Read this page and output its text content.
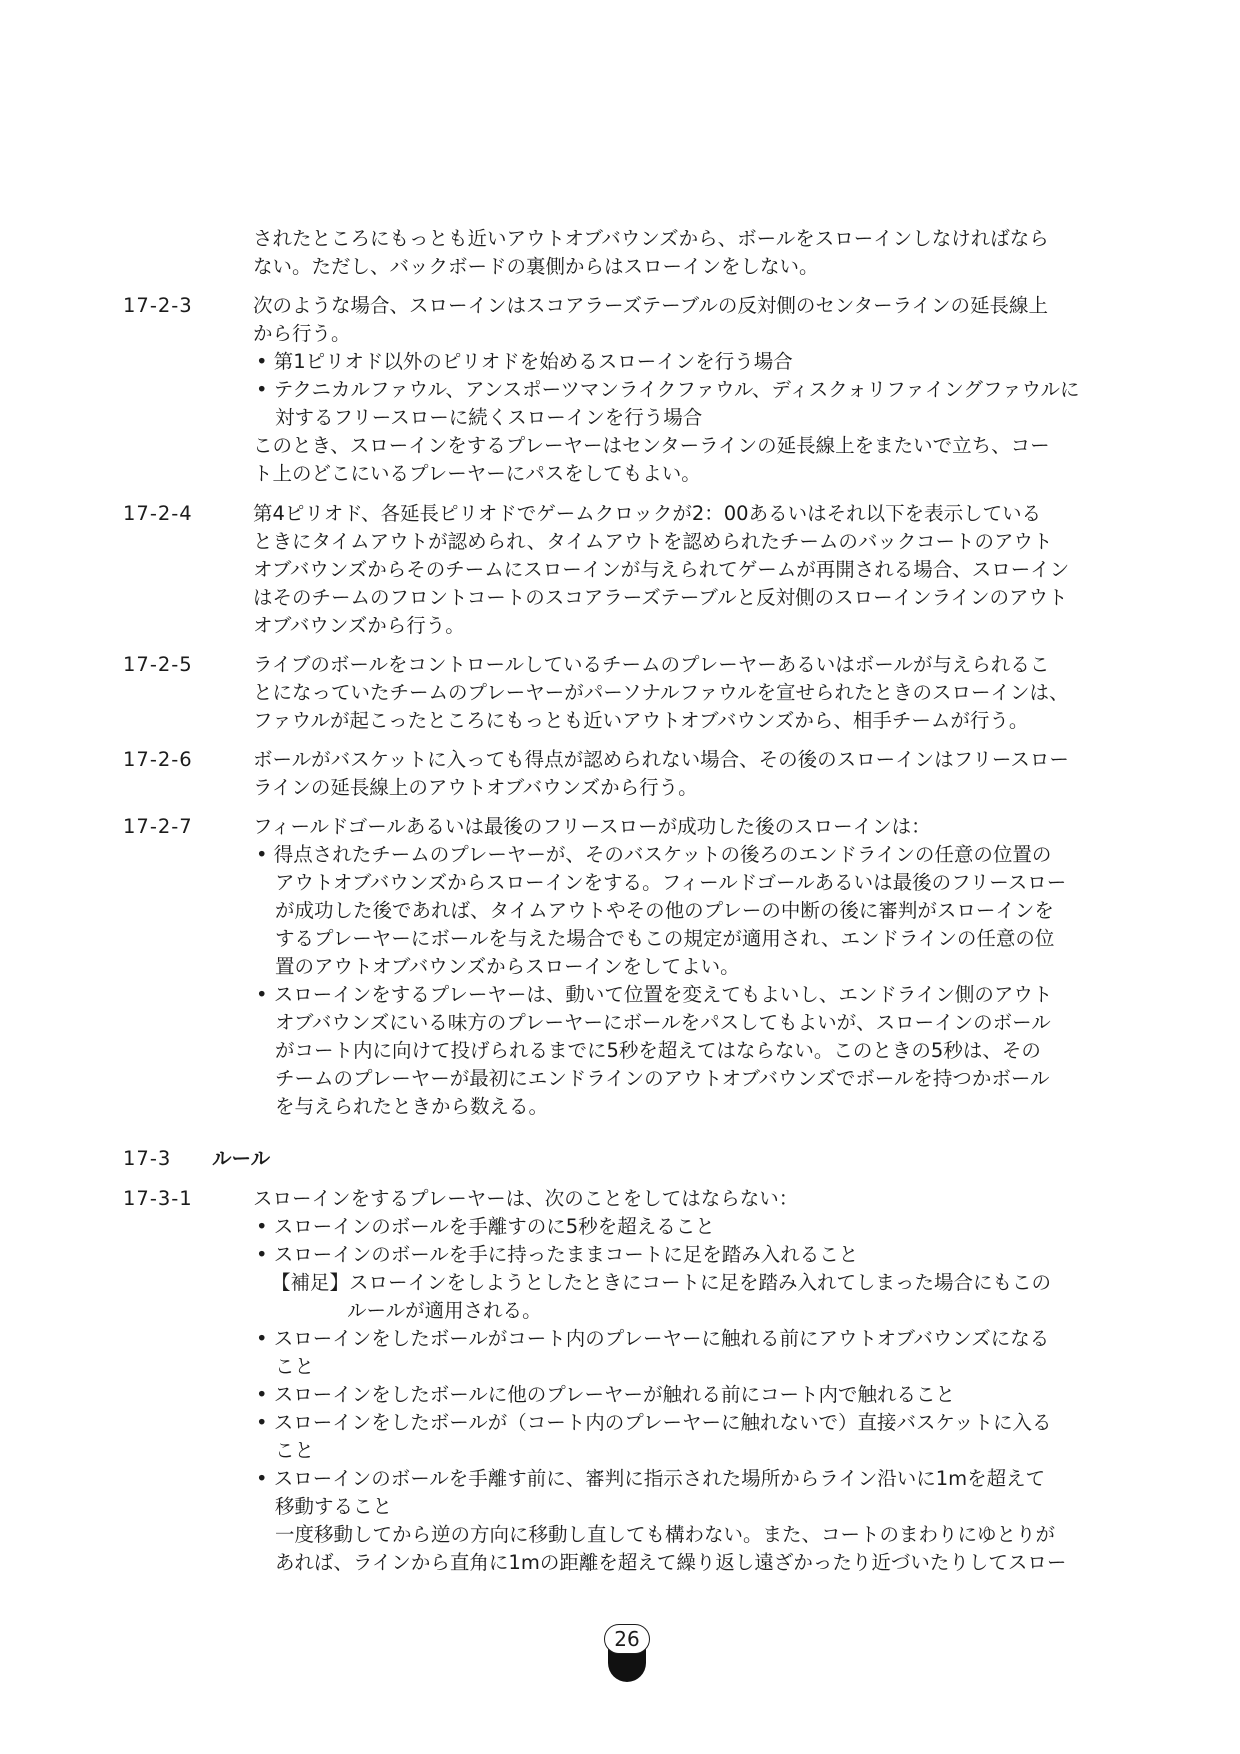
されたところにもっとも近いアウトオブバウンズから、ボールをスローインしなければなら
ない。ただし、バックボードの裏側からはスローインをしない。
17-2-3	次のような場合、スローインはスコアラーズテーブルの反対側のセンターラインの延長線上
から行う。
• 第1ピリオド以外のピリオドを始めるスローインを行う場合
• テクニカルファウル、アンスポーツマンライクファウル、ディスクォリファイングファウルに
対するフリースローに続くスローインを行う場合
このとき、スローインをするプレーヤーはセンターラインの延長線上をまたいで立ち、コー
ト上のどこにいるプレーヤーにパスをしてもよい。
17-2-4	第4ピリオド、各延長ピリオドでゲームクロックが2：00あるいはそれ以下を表示している
ときにタイムアウトが認められ、タイムアウトを認められたチームのバックコートのアウト
オブバウンズからそのチームにスローインが与えられてゲームが再開される場合、スローイン
はそのチームのフロントコートのスコアラーズテーブルと反対側のスローインラインのアウト
オブバウンズから行う。
17-2-5	ライブのボールをコントロールしているチームのプレーヤーあるいはボールが与えられるこ
とになっていたチームのプレーヤーがパーソナルファウルを宣せられたときのスローインは、
ファウルが起こったところにもっとも近いアウトオブバウンズから、相手チームが行う。
17-2-6	ボールがバスケットに入っても得点が認められない場合、その後のスローインはフリースロー
ラインの延長線上のアウトオブバウンズから行う。
17-2-7	フィールドゴールあるいは最後のフリースローが成功した後のスローインは：
• 得点されたチームのプレーヤーが、そのバスケットの後ろのエンドラインの任意の位置の
アウトオブバウンズからスローインをする。フィールドゴールあるいは最後のフリースロー
が成功した後であれば、タイムアウトやその他のプレーの中断の後に審判がスローインを
するプレーヤーにボールを与えた場合でもこの規定が適用され、エンドラインの任意の位
置のアウトオブバウンズからスローインをしてよい。
• スローインをするプレーヤーは、動いて位置を変えてもよいし、エンドライン側のアウト
オブバウンズにいる味方のプレーヤーにボールをパスしてもよいが、スローインのボール
がコート内に向けて投げられるまでに5秒を超えてはならない。このときの5秒は、その
チームのプレーヤーが最初にエンドラインのアウトオブバウンズでボールを持つかボール
を与えられたときから数える。
17-3 ルール
17-3-1	スローインをするプレーヤーは、次のことをしてはならない：
• スローインのボールを手離すのに5秒を超えること
• スローインのボールを手に持ったままコートに足を踏み入れること
【補足】スローインをしようとしたときにコートに足を踏み入れてしまった場合にもこの
ルールが適用される。
• スローインをしたボールがコート内のプレーヤーに触れる前にアウトオブバウンズになる
こと
• スローインをしたボールに他のプレーヤーが触れる前にコート内で触れること
• スローインをしたボールが（コート内のプレーヤーに触れないで）直接バスケットに入る
こと
• スローインのボールを手離す前に、審判に指示された場所からライン沿いに1mを超えて
移動すること
一度移動してから逆の方向に移動し直しても構わない。また、コートのまわりにゆとりが
あれば、ラインから直角に1mの距離を超えて繰り返し遠ざかったり近づいたりしてスロー
26
